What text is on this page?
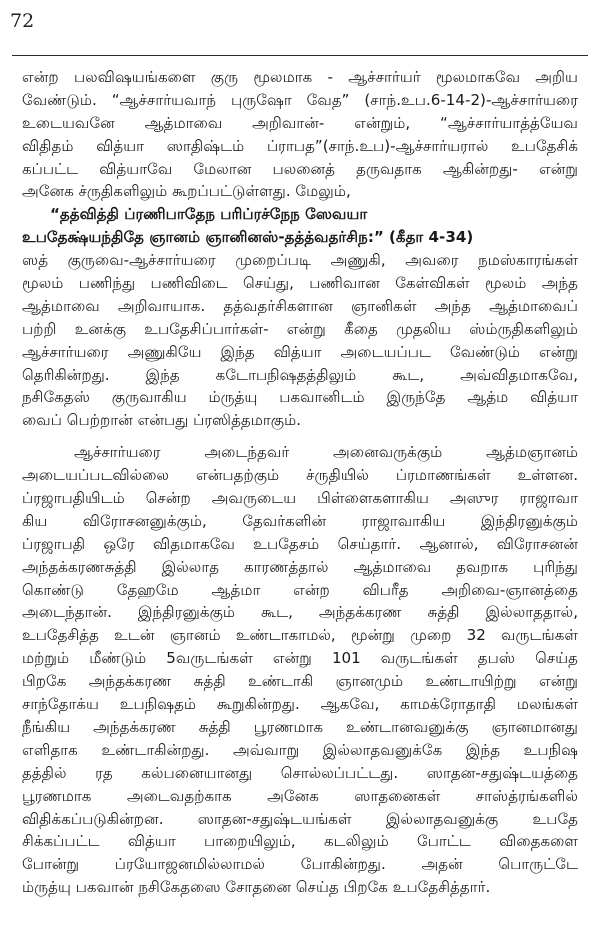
72
என்ற பலவிஷயங்களை குரு மூலமாக - ஆச்சார்யர் மூலமாகவே அறிய
வேண்டும். “ஆச்சார்யவாந் புருஷோ வேத” (சாந்.உப.6-14-2)-ஆச்சார்யரை
உடையவனே ஆத்மாவை அறிவான்- என்றும், “ஆச்சார்யாத்த்யேவ
விதிதம் வித்யா ஸாதிஷ்டம் ப்ராபத”(சாந்.உப)-ஆச்சார்யரால் உபதேசிக்
கப்பட்ட வித்யாவே மேலான பலனைத் தருவதாக ஆகின்றது- என்று
அனேக ச்ருதிகளிலும் கூறப்பட்டுள்ளது. மேலும்,
“தத்வித்தி ப்ரணிபாதேந பரிப்ரச்நேந ஸேவயா
உபதேக்ஷ்யந்திதே ஞானம் ஞானினஸ்-தத்த்வதர்சிந:” (கீதா 4-34)
ஸத் குருவை-ஆச்சார்யரை முறைப்படி அணுகி, அவரை நமஸ்காரங்கள்
மூலம் பணிந்து பணிவிடை செய்து, பணிவான கேள்விகள் மூலம் அந்த
ஆத்மாவை அறிவாயாக. தத்வதர்சிகளான ஞானிகள் அந்த ஆத்மாவைப்
பற்றி உனக்கு உபதேசிப்பார்கள்- என்று கீதை முதலிய ஸ்ம்ருதிகளிலும்
ஆச்சார்யரை அணுகியே இந்த வித்யா அடையப்பட வேண்டும் என்று
தெரிகின்றது. இந்த கடோபநிஷதத்திலும் கூட, அவ்விதமாகவே,
நசிகேதஸ் குருவாகிய ம்ருத்யு பகவானிடம் இருந்தே ஆத்ம வித்யா
வைப் பெற்றான் என்பது ப்ரஸித்தமாகும்.
ஆச்சார்யரை அடைந்தவர் அனைவருக்கும் ஆத்மஞானம்
அடையப்படவில்லை என்பதற்கும் ச்ருதியில் ப்ரமாணங்கள் உள்ளன.
ப்ரஜாபதியிடம் சென்ற அவருடைய பிள்ளைகளாகிய அஸுர ராஜாவா
கிய விரோசனனுக்கும், தேவர்களின் ராஜாவாகிய இந்திரனுக்கும்
ப்ரஜாபதி ஒரே விதமாகவே உபதேசம் செய்தார். ஆனால், விரோசனன்
அந்தக்கரணசுத்தி இல்லாத காரணத்தால் ஆத்மாவை தவறாக புரிந்து
கொண்டு தேஹமே ஆத்மா என்ற விபரீத அறிவை-ஞானத்தை
அடைந்தான். இந்திரனுக்கும் கூட, அந்தக்கரண சுத்தி இல்லாததால்,
உபதேசித்த உடன் ஞானம் உண்டாகாமல், மூன்று முறை 32 வருடங்கள்
மற்றும் மீண்டும் 5வருடங்கள் என்று 101 வருடங்கள் தபஸ் செய்த
பிறகே அந்தக்கரண சுத்தி உண்டாகி ஞானமும் உண்டாயிற்று என்று
சாந்தோக்ய உபநிஷதம் கூறுகின்றது. ஆகவே, காமக்ரோதாதி மலங்கள்
நீங்கிய அந்தக்கரண சுத்தி பூரணமாக உண்டானவனுக்கு ஞானமானது
எளிதாக உண்டாகின்றது. அவ்வாறு இல்லாதவனுக்கே இந்த உபநிஷ
தத்தில் ரத கல்பனையானது சொல்லப்பட்டது. ஸாதன-சதுஷ்டயத்தை
பூரணமாக அடைவதற்காக அனேக ஸாதனைகள் சாஸ்த்ரங்களில்
விதிக்கப்படுகின்றன. ஸாதன-சதுஷ்டயங்கள் இல்லாதவனுக்கு உபதே
சிக்கப்பட்ட வித்யா பாறையிலும், கடலிலும் போட்ட விதைகளை
போன்று ப்ரயோஜனமில்லாமல் போகின்றது. அதன் பொருட்டே
ம்ருத்யு பகவான் நசிகேதஸை சோதனை செய்த பிறகே உபதேசித்தார்.
